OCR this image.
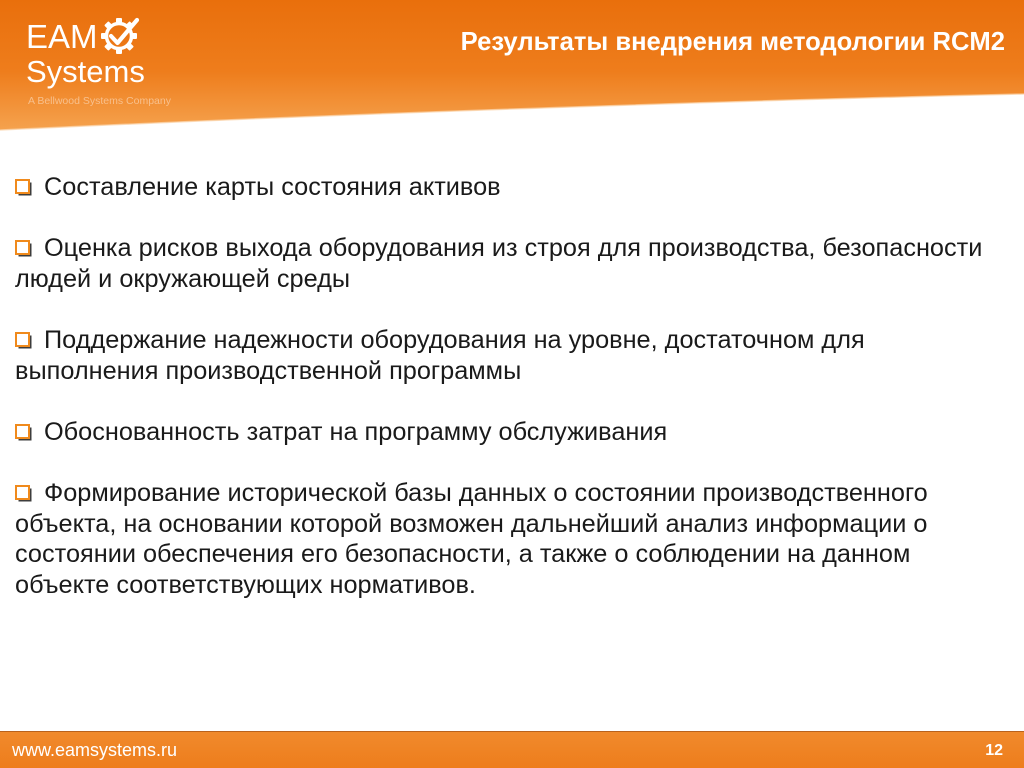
EAM
Systems
A Bellwood Systems Company
Результаты внедрения методологии RCM2
Составление карты состояния активов
Оценка рисков выхода оборудования из строя для производства, безопасности
людей и окружающей среды
Поддержание надежности оборудования на уровне, достаточном для
выполнения производственной программы
Обоснованность затрат на программу обслуживания
Формирование исторической базы данных о состоянии производственного
объекта, на основании которой возможен дальнейший анализ информации о
состоянии обеспечения его безопасности, а также о соблюдении на данном
объекте соответствующих нормативов.
www.eamsystems.ru	12
